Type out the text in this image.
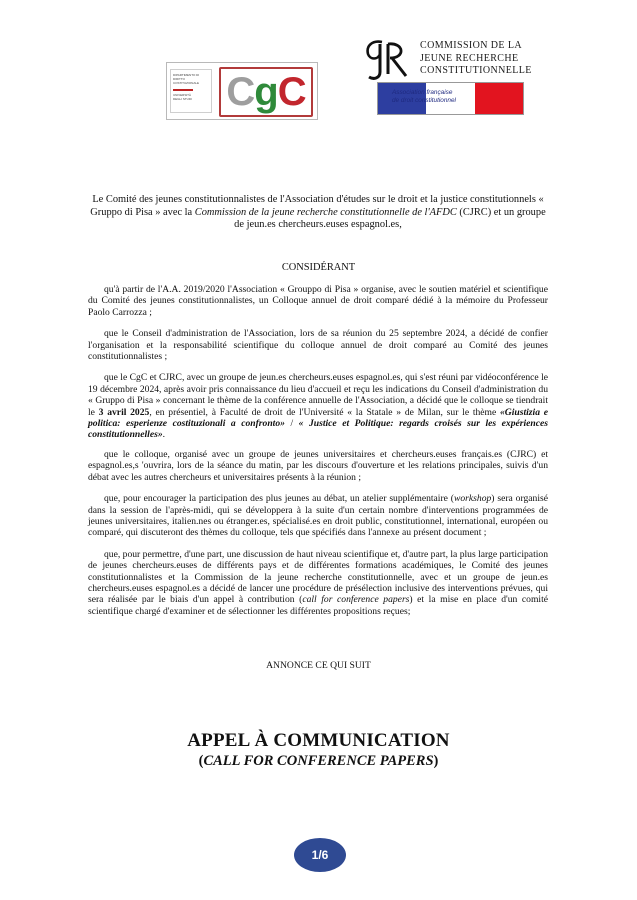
DIPARTIMENTO DI
DIRITTO
COSTITUZIONALE
UNIVERSITÀ
DEGLI STUDI C g C
COMMISSION DE LA
JEUNE RECHERCHE
CONSTITUTIONNELLE
Association française
de droit constitutionnel

Le Comité des jeunes constitutionnalistes de l'Association d'études sur le droit et la justice constitutionnels « Gruppo di Pisa » avec la Commission de la jeune recherche constitutionnelle de l'AFDC (CJRC) et un groupe de jeun.es chercheurs.euses espagnol.es,

CONSIDÉRANT

qu'à partir de l'A.A. 2019/2020 l'Association « Grouppo di Pisa » organise, avec le soutien matériel et scientifique du Comité des jeunes constitutionnalistes, un Colloque annuel de droit comparé dédié à la mémoire du Professeur Paolo Carrozza ;

que le Conseil d'administration de l'Association, lors de sa réunion du 25 septembre 2024, a décidé de confier l'organisation et la responsabilité scientifique du colloque annuel de droit comparé au Comité des jeunes constitutionnalistes ;

que le CgC et CJRC, avec un groupe de jeun.es chercheurs.euses espagnol.es, qui s'est réuni par vidéoconférence le 19 décembre 2024, après avoir pris connaissance du lieu d'accueil et reçu les indications du Conseil d'administration du « Gruppo di Pisa » concernant le thème de la conférence annuelle de l'Association, a décidé que le colloque se tiendrait le 3 avril 2025, en présentiel, à Faculté de droit de l'Université « la Statale » de Milan, sur le thème «Giustizia e politica: esperienze costituzionali a confronto» / « Justice et Politique: regards croisés sur les expériences constitutionnelles».

que le colloque, organisé avec un groupe de jeunes universitaires et chercheurs.euses français.es (CJRC) et espagnol.es,s 'ouvrira, lors de la séance du matin, par les discours d'ouverture et les relations principales, suivis d'un débat avec les autres chercheurs et universitaires présents à la réunion ;

que, pour encourager la participation des plus jeunes au débat, un atelier supplémentaire (workshop) sera organisé dans la session de l'après-midi, qui se développera à la suite d'un certain nombre d'interventions programmées de jeunes universitaires, italien.nes ou étranger.es, spécialisé.es en droit public, constitutionnel, international, européen ou comparé, qui discuteront des thèmes du colloque, tels que spécifiés dans l'annexe au présent document ;

que, pour permettre, d'une part, une discussion de haut niveau scientifique et, d'autre part, la plus large participation de jeunes chercheurs.euses de différents pays et de différentes formations académiques, le Comité des jeunes constitutionnalistes et la Commission de la jeune recherche constitutionnelle, avec et un groupe de jeun.es chercheurs.euses espagnol.es a décidé de lancer une procédure de présélection inclusive des interventions prévues, qui sera réalisée par le biais d'un appel à contribution (call for conference papers) et la mise en place d'un comité scientifique chargé d'examiner et de sélectionner les différentes propositions reçues;

ANNONCE CE QUI SUIT
APPEL À COMMUNICATION
(CALL FOR CONFERENCE PAPERS)
1/6
